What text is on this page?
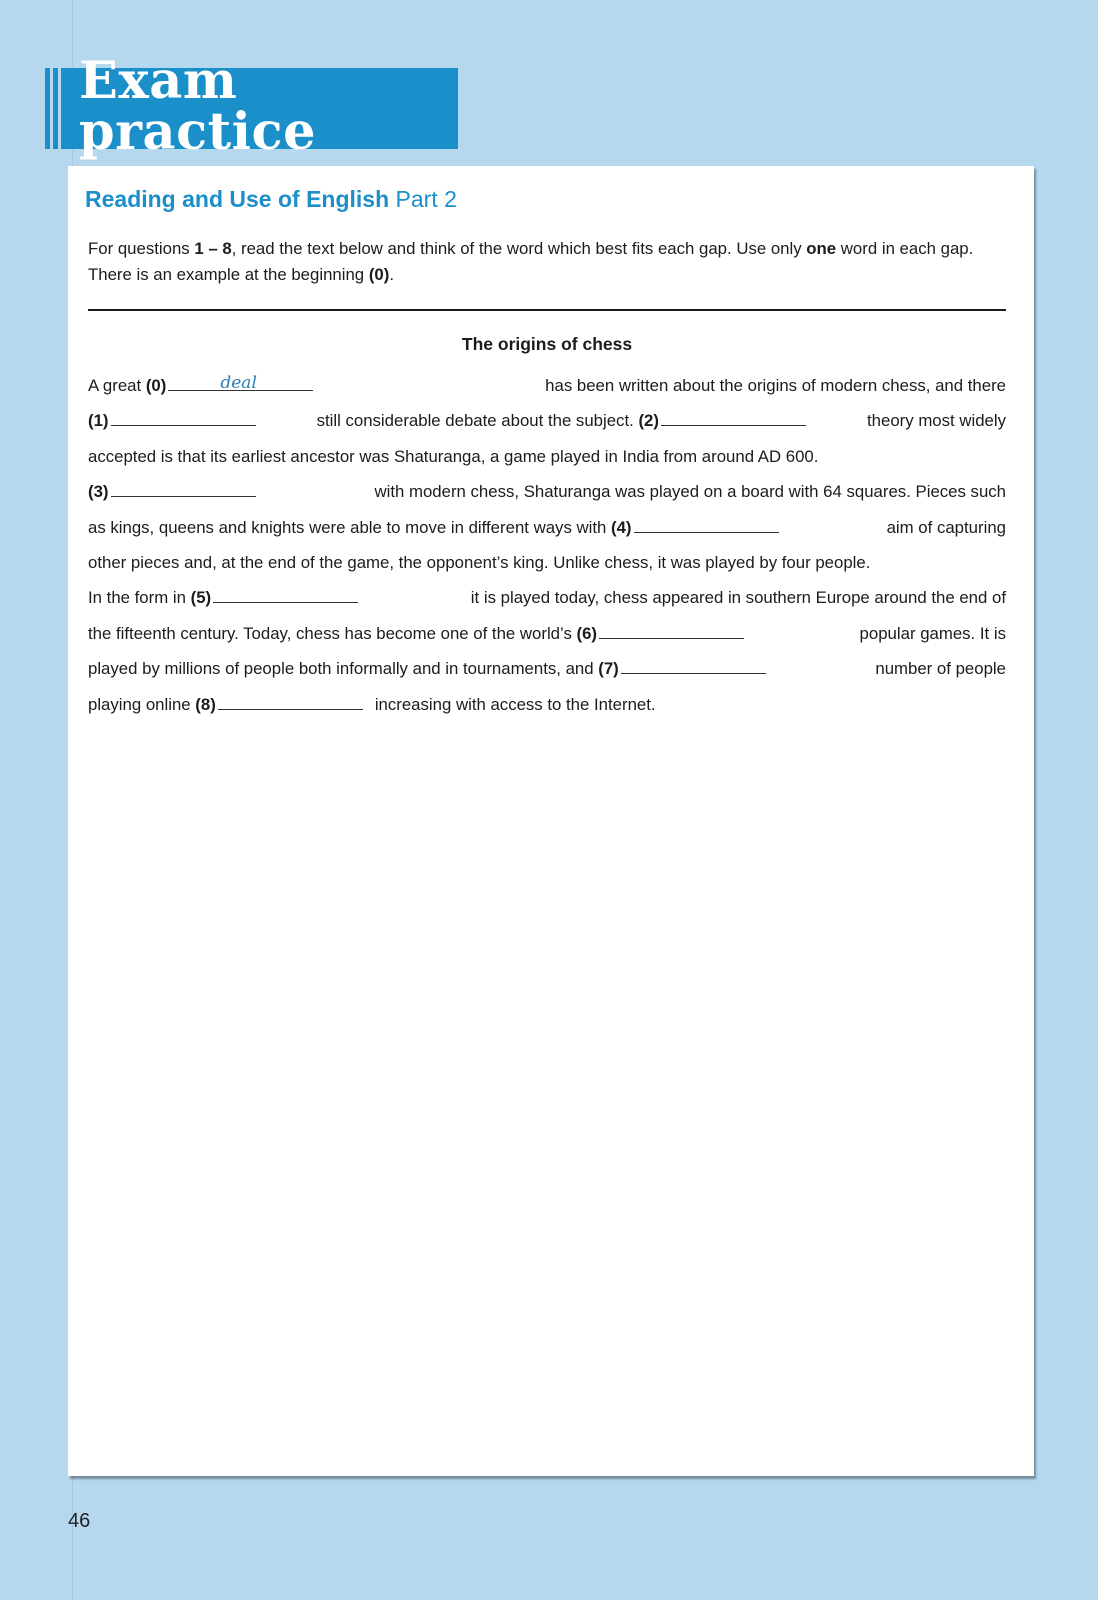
Exam practice
Reading and Use of English Part 2
For questions 1 – 8, read the text below and think of the word which best fits each gap. Use only one word in each gap. There is an example at the beginning (0).
The origins of chess
A great (0)	deal	has been written about the origins of modern chess, and there
(1)	still considerable debate about the subject. (2)	theory most widely
accepted is that its earliest ancestor was Shaturanga, a game played in India from around AD 600.
(3)	with modern chess, Shaturanga was played on a board with 64 squares. Pieces such
as kings, queens and knights were able to move in different ways with (4)	aim of capturing
other pieces and, at the end of the game, the opponent’s king. Unlike chess, it was played by four people.
In the form in (5)	it is played today, chess appeared in southern Europe around the end of
the fifteenth century. Today, chess has become one of the world’s (6)	popular games. It is
played by millions of people both informally and in tournaments, and (7)	number of people
playing online (8)	increasing with access to the Internet.
46
